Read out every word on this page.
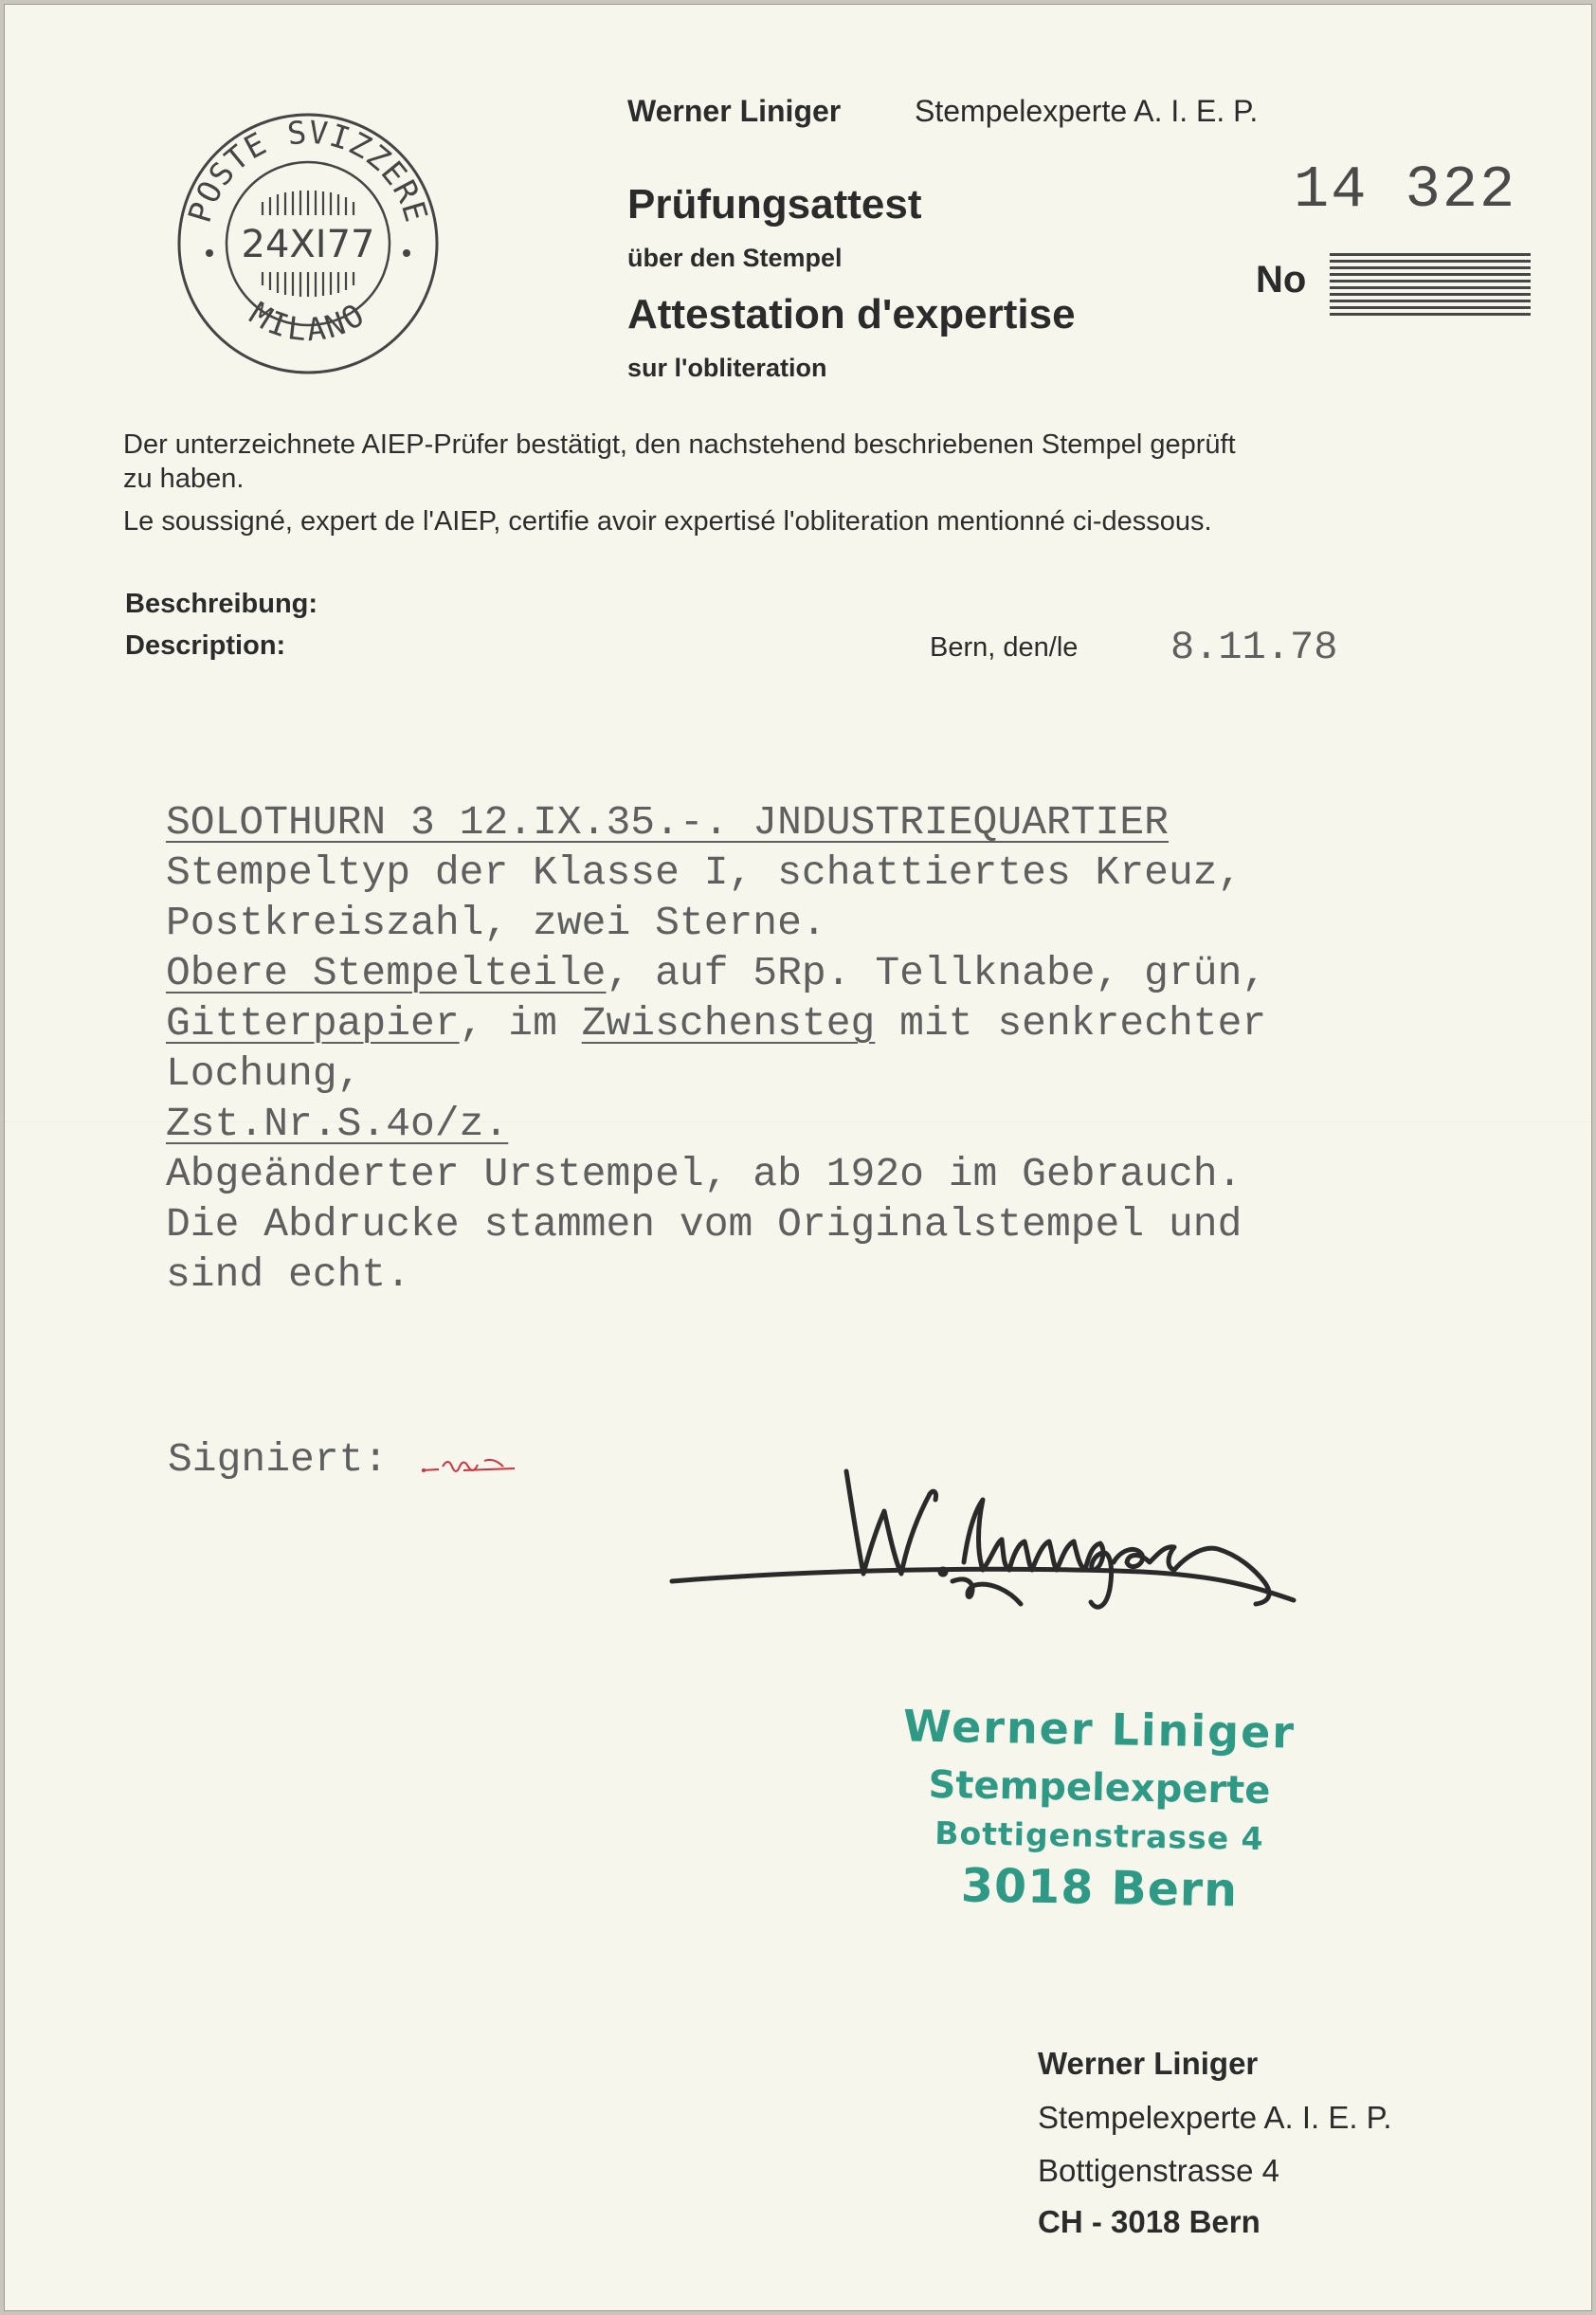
POSTE SVIZZERE
MILANO
24XI77
Werner Liniger Stempelexperte A. I. E. P.
14 322
Prüfungsattest
über den Stempel
Attestation d'expertise
sur l'obliteration
No
Der unterzeichnete AIEP-Prüfer bestätigt, den nachstehend beschriebenen Stempel geprüft
zu haben.
Le soussigné, expert de l'AIEP, certifie avoir expertisé l'obliteration mentionné ci-dessous.
Beschreibung:
Description:	Bern, den/le 8.11.78
SOLOTHURN 3 12.IX.35.-. JNDUSTRIEQUARTIER
Stempeltyp der Klasse I, schattiertes Kreuz,
Postkreiszahl, zwei Sterne.
Obere Stempelteile, auf 5Rp. Tellknabe, grün,
Gitterpapier, im Zwischensteg mit senkrechter
Lochung,
Zst.Nr.S.4o/z.
Abgeänderter Urstempel, ab 192o im Gebrauch.
Die Abdrucke stammen vom Originalstempel und
sind echt.
Signiert:
Werner Liniger
Stempelexperte
Bottigenstrasse 4
3018 Bern
Werner Liniger
Stempelexperte A. I. E. P.
Bottigenstrasse 4
CH - 3018 Bern
